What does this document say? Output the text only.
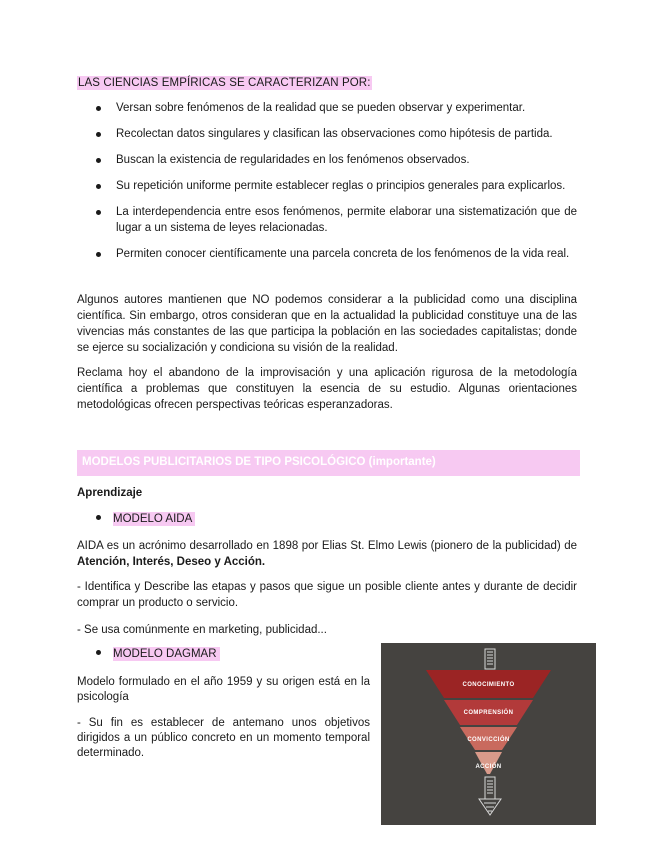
LAS CIENCIAS EMPÍRICAS SE CARACTERIZAN POR:
Versan sobre fenómenos de la realidad que se pueden observar y experimentar.
Recolectan datos singulares y clasifican las observaciones como hipótesis de partida.
Buscan la existencia de regularidades en los fenómenos observados.
Su repetición uniforme permite establecer reglas o principios generales para explicarlos.
La interdependencia entre esos fenómenos, permite elaborar una sistematización que de lugar a un sistema de leyes relacionadas.
Permiten conocer científicamente una parcela concreta de los fenómenos de la vida real.

Algunos autores mantienen que NO podemos considerar a la publicidad como una disciplina científica. Sin embargo, otros consideran que en la actualidad la publicidad constituye una de las vivencias más constantes de las que participa la población en las sociedades capitalistas; donde se ejerce su socialización y condiciona su visión de la realidad.

Reclama hoy el abandono de la improvisación y una aplicación rigurosa de la metodología científica a problemas que constituyen la esencia de su estudio. Algunas orientaciones metodológicas ofrecen perspectivas teóricas esperanzadoras.

MODELOS PUBLICITARIOS DE TIPO PSICOLÓGICO (importante)
Aprendizaje
MODELO AIDA

AIDA es un acrónimo desarrollado en 1898 por Elias St. Elmo Lewis (pionero de la publicidad) de Atención, Interés, Deseo y Acción.

- Identifica y Describe las etapas y pasos que sigue un posible cliente antes y durante de decidir comprar un producto o servicio.

- Se usa comúnmente en marketing, publicidad...

MODELO DAGMAR

Modelo formulado en el año 1959 y su origen está en la psicología

- Su fin es establecer de antemano unos objetivos dirigidos a un público concreto en un momento temporal determinado.

CONOCIMIENTO
COMPRENSIÓN
CONVICCIÓN
ACCIÓN
